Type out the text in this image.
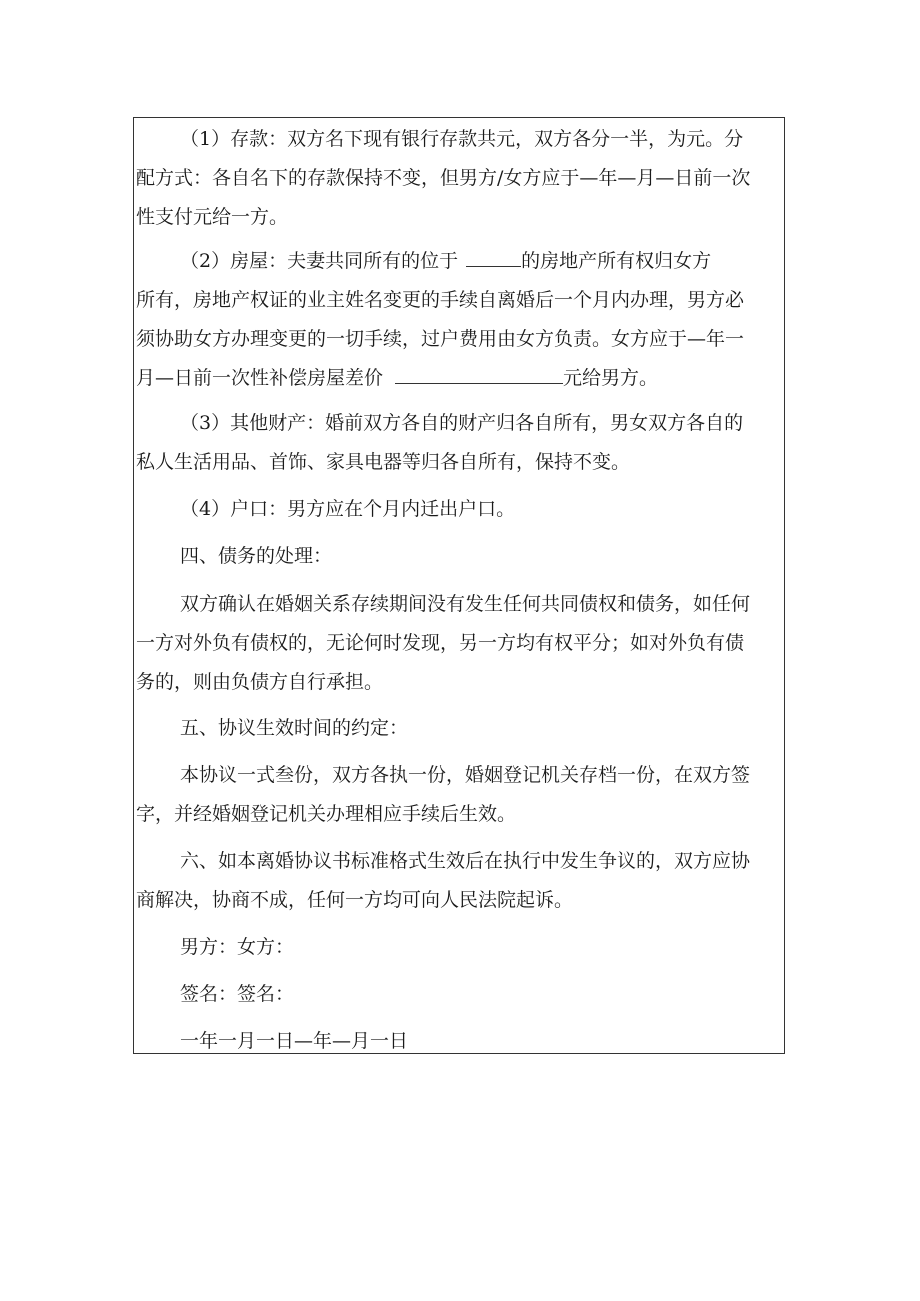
（1）存款：双方名下现有银行存款共元，双方各分一半，为元。分
配方式：各自名下的存款保持不变，但男方/女方应于—年—月—日前一次
性支付元给一方。
（2）房屋：夫妻共同所有的位于	的房地产所有权归女方
所有，房地产权证的业主姓名变更的手续自离婚后一个月内办理，男方必
须协助女方办理变更的一切手续，过户费用由女方负责。女方应于—年一
月—日前一次性补偿房屋差价	元给男方。
（3）其他财产：婚前双方各自的财产归各自所有，男女双方各自的
私人生活用品、首饰、家具电器等归各自所有，保持不变。
（4）户口：男方应在个月内迁出户口。
四、债务的处理：
双方确认在婚姻关系存续期间没有发生任何共同债权和债务，如任何
一方对外负有债权的，无论何时发现，另一方均有权平分；如对外负有债
务的，则由负债方自行承担。
五、协议生效时间的约定：
本协议一式叁份，双方各执一份，婚姻登记机关存档一份，在双方签
字，并经婚姻登记机关办理相应手续后生效。
六、如本离婚协议书标准格式生效后在执行中发生争议的，双方应协
商解决，协商不成，任何一方均可向人民法院起诉。
男方：女方：
签名：签名：
一年一月一日—年—月一日
